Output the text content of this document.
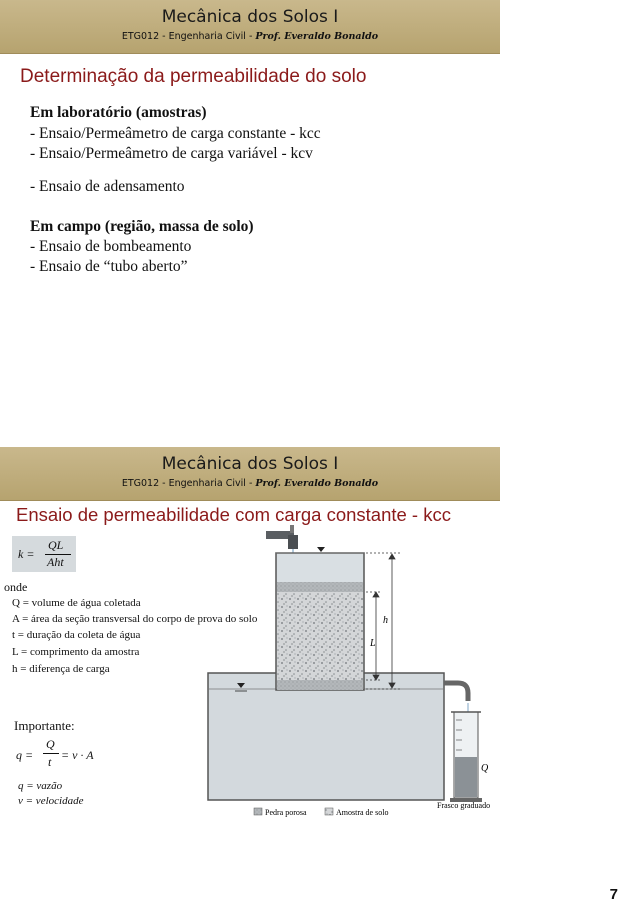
Mecânica dos Solos I
ETG012 - Engenharia Civil - Prof. Everaldo Bonaldo
Determinação da permeabilidade do solo
Em laboratório (amostras)
- Ensaio/Permeâmetro de carga constante - kcc
- Ensaio/Permeâmetro de carga variável - kcv
- Ensaio de adensamento
Em campo (região, massa de solo)
- Ensaio de bombeamento
- Ensaio de “tubo aberto”
Mecânica dos Solos I
ETG012 - Engenharia Civil - Prof. Everaldo Bonaldo
Ensaio de permeabilidade com carga constante - kcc
k =
QL
Aht
onde
Q = volume de água coletada
A = área da seção transversal do corpo de prova do solo
t = duração da coleta de água
L = comprimento da amostra
h = diferença de carga
Importante:
q =
Q
t = v · A
q = vazão
v = velocidade
h
L
Q
Frasco graduado
Pedra porosa	Amostra de solo
7
